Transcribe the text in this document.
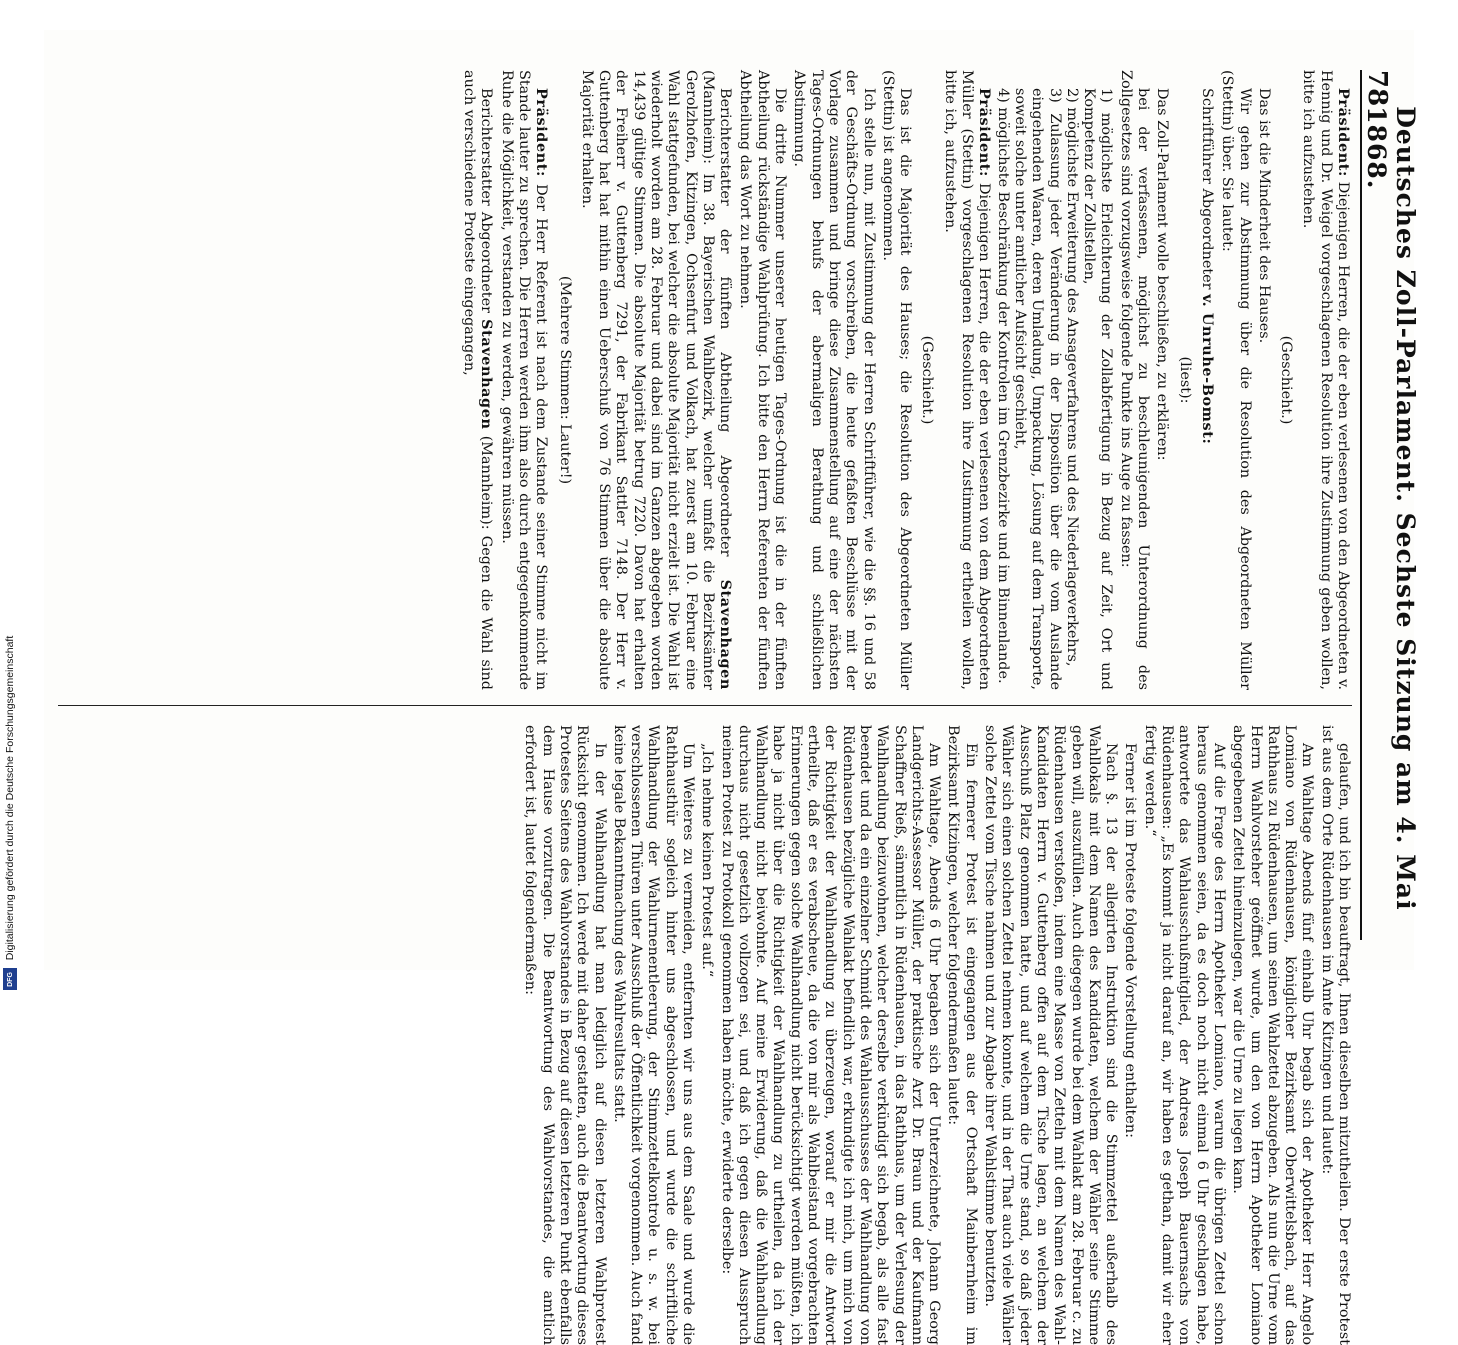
78
Deutsches Zoll-Parlament. Sechste Sitzung am 4. Mai 1868.

Präsident: Diejenigen Herren, die der eben verlesenen von den Abgeordneten v. Hennig und Dr. Weigel vorgeschlagenen Resolution ihre Zustimmung geben wollen, bitte ich aufzustehen.

(Geschieht.)

Das ist die Minderheit des Hauses.

Wir gehen zur Abstimmung über die Resolution des Abgeordneten Müller (Stettin) über. Sie lautet:

Schriftführer Abgeordneter v. Unruhe-Bomst:

(liest):

Das Zoll-Parlament wolle beschließen, zu erklären:

bei der verfassenen, möglichst zu beschleunigenden Unterordnung des Zollgesetzes sind vorzugsweise folgende Punkte ins Auge zu fassen:

1) möglichste Erleichterung der Zollabfertigung in Bezug auf Zeit, Ort und Kompetenz der Zollstellen,

2) möglichste Erweiterung des Ansageverfahrens und des Niederlageverkehrs,

3) Zulassung jeder Veränderung in der Disposition über die vom Auslande eingehenden Waaren, deren Umladung, Umpackung, Lösung auf dem Transporte, soweit solche unter amtlicher Aufsicht geschieht,

4) möglichste Beschränkung der Kontrolen im Grenzbezirke und im Binnenlande.

Präsident: Diejenigen Herren, die der eben verlesenen von dem Abgeordneten Müller (Stettin) vorgeschlagenen Resolution ihre Zustimmung ertheilen wollen, bitte ich, aufzustehen.

(Geschieht.)

Das ist die Majorität des Hauses; die Resolution des Abgeordneten Müller (Stettin) ist angenommen.

Ich stelle nun, mit Zustimmung der Herren Schriftführer, wie die §§. 16 und 58 der Geschäfts-Ordnung vorschreiben, die heute gefaßten Beschlüsse mit der Vorlage zusammen und bringe diese Zusammenstellung auf eine der nächsten Tages-Ordnungen behufs der abermaligen Berathung und schließlichen Abstimmung.

Die dritte Nummer unserer heutigen Tages-Ordnung ist die in der fünften Abtheilung rückständige Wahlprüfung. Ich bitte den Herrn Referenten der fünften Abtheilung das Wort zu nehmen.

Berichterstatter der fünften Abtheilung Abgeordneter Stavenhagen (Mannheim): Im 38. Bayerischen Wahlbezirk, welcher umfaßt die Bezirksämter Gerolzhofen, Kitzingen, Ochsenfurt und Volkach, hat zuerst am 10. Februar eine Wahl stattgefunden, bei welcher die absolute Majorität nicht erzielt ist. Die Wahl ist wiederholt worden am 28. Februar und dabei sind im Ganzen abgegeben worden 14,439 gültige Stimmen. Die absolute Majorität betrug 7220. Davon hat erhalten der Freiherr v. Guttenberg 7291, der Fabrikant Sattler 7148. Der Herr v. Guttenberg hat hat mithin einen Ueberschuß von 76 Stimmen über die absolute Majorität erhalten.

(Mehrere Stimmen: Lauter!)

Präsident: Der Herr Referent ist nach dem Zustande seiner Stimme nicht im Stande lauter zu sprechen. Die Herren werden ihm also durch entgegenkommende Ruhe die Möglichkeit, verstanden zu werden, gewähren müssen.

Berichterstatter Abgeordneter Stavenhagen (Mannheim): Gegen die Wahl sind auch verschiedene Proteste eingegangen,

gelaufen, und ich bin beauftragt, Ihnen dieselben mitzutheilen. Der erste Protest ist aus dem Orte Rüdenhausen im Amte Kitzingen und lautet:

Am Wahltage Abends fünf einhalb Uhr begab sich der Apotheker Herr Angelo Lomiano von Rüdenhausen, königlicher Bezirksamt Oberwittelsbach, auf das Rathhaus zu Rüdenhausen, um seinen Wahlzettel abzugeben. Als nun die Urne vom Herrn Wahlvorsteher geöffnet wurde, um den von Herrn Apotheker Lomiano abgegebenen Zettel hineinzulegen, war die Urne zu liegen kam.

Auf die Frage des Herrn Apotheker Lomiano, warum die übrigen Zettel schon heraus genommen seien, da es doch noch nicht einmal 6 Uhr geschlagen habe, antwortete das Wahlausschußmitglied, der Andreas Joseph Bauernsachs von Rüdenhausen: „Es kommt ja nicht darauf an, wir haben es gethan, damit wir eher fertig werden.“

Ferner ist im Proteste folgende Vorstellung enthalten:

Nach §. 13 der allegirten Instruktion sind die Stimmzettel außerhalb des Wahllokals mit dem Namen des Kandidaten, welchem der Wähler seine Stimme geben will, auszufüllen. Auch diegegen wurde bei dem Wahlakt am 28. Februar c. zu Rüdenhausen verstoßen, indem eine Masse von Zetteln mit dem Namen des Wahl-Kandidaten Herrn v. Guttenberg offen auf dem Tische lagen, an welchem der Ausschuß Platz genommen hatte, und auf welchem die Urne stand, so daß jeder Wähler sich einen solchen Zettel nehmen konnte, und in der That auch viele Wähler solche Zettel vom Tische nahmen und zur Abgabe ihrer Wahlstimme benutzten.

Ein fernerer Protest ist eingegangen aus der Ortschaft Mainbernheim im Bezirksamt Kitzingen, welcher folgendermaßen lautet:

Am Wahltage, Abends 6 Uhr begaben sich der Unterzeichnete, Johann Georg Landgerichts-Assessor Müller, der praktische Arzt Dr. Braun und der Kaufmann Schaffner Rieß, sämmtlich in Rüdenhausen, in das Rathhaus, um der Verlesung der Wahlhandlung beizuwohnen, welcher derselbe verkündigt sich begab, als alle fast beendet und da ein einzelner Schmidt des Wahlausschusses der Wahlhandlung von Rüdenhausen bezügliche Wahlakt befindlich war, erkundigte ich mich, um mich von der Richtigkeit der Wahlhandlung zu überzeugen, worauf er mir die Antwort ertheilte, daß er es verabscheue, da die von mir als Wahlbeistand vorgebrachten Erinnerungen gegen solche Wahlhandlung nicht berücksichtigt werden müßten, ich habe ja nicht über die Richtigkeit der Wahlhandlung zu urtheilen, da ich der Wahlhandlung nicht beiwohnte. Auf meine Erwiderung, daß die Wahlhandlung durchaus nicht gesetzlich vollzogen sei, und daß ich gegen diesen Ausspruch meinen Protest zu Protokoll genommen haben möchte, erwiderte derselbe:

„Ich nehme keinen Protest auf.“

Um Weiteres zu vermeiden, entfernten wir uns aus dem Saale und wurde die Rathhausthür sogleich hinter uns abgeschlossen, und wurde die schriftliche Wahlhandlung der Wahlurnenentleerung, der Stimmzettelkontrole u. s. w. bei verschlossenen Thüren unter Ausschluß der Öffentlichkeit vorgenommen. Auch fand keine legale Bekanntmachung des Wahlresultats statt.

In der Wahlhandlung hat man lediglich auf diesen letzteren Wahlprotest Rücksicht genommen. Ich werde mit daher gestatten, auch die Beantwortung dieses Protestes Seitens des Wahlvorstandes in Bezug auf diesen letzteren Punkt ebenfalls dem Hause vorzutragen. Die Beantwortung des Wahlvorstandes, die amtlich erfordert ist, lautet folgendermaßen:

Digitalisierung gefördert durch die Deutsche Forschungsgemeinschaft
DFG
